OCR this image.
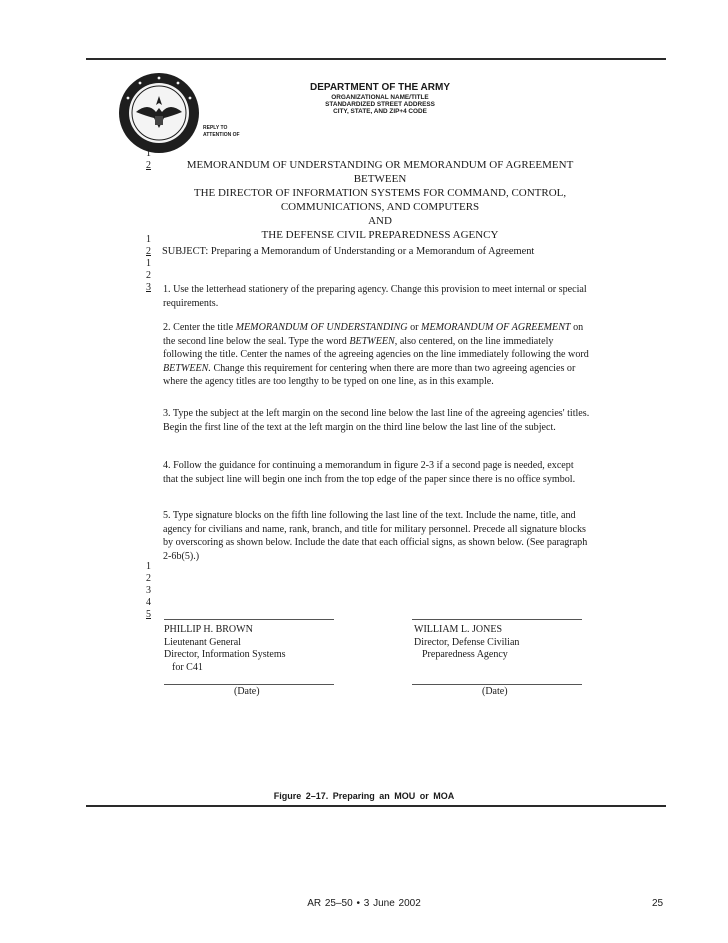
DEPARTMENT OF THE ARMY
ORGANIZATIONAL NAME/TITLE
STANDARDIZED STREET ADDRESS
CITY, STATE, AND ZIP+4 CODE
REPLY TO
ATTENTION OF
1
2	MEMORANDUM OF UNDERSTANDING OR MEMORANDUM OF AGREEMENT
BETWEEN
THE DIRECTOR OF INFORMATION SYSTEMS FOR COMMAND, CONTROL,
COMMUNICATIONS, AND COMPUTERS
AND
THE DEFENSE CIVIL PREPAREDNESS AGENCY
1
2
1
2
3
SUBJECT: Preparing a Memorandum of Understanding or a Memorandum of Agreement
1. Use the letterhead stationery of the preparing agency. Change this provision to meet internal or special requirements.
2. Center the title MEMORANDUM OF UNDERSTANDING or MEMORANDUM OF AGREEMENT on the second line below the seal. Type the word BETWEEN, also centered, on the line immediately following the title. Center the names of the agreeing agencies on the line immediately following the word BETWEEN. Change this requirement for centering when there are more than two agreeing agencies or where the agency titles are too lengthy to be typed on one line, as in this example.
3. Type the subject at the left margin on the second line below the last line of the agreeing agencies' titles. Begin the first line of the text at the left margin on the third line below the last line of the subject.
4. Follow the guidance for continuing a memorandum in figure 2-3 if a second page is needed, except that the subject line will begin one inch from the top edge of the paper since there is no office symbol.
5. Type signature blocks on the fifth line following the last line of the text. Include the name, title, and agency for civilians and name, rank, branch, and title for military personnel. Precede all signature blocks by overscoring as shown below. Include the date that each official signs, as shown below. (See paragraph 2-6b(5).)
1
2
3
4
5
PHILLIP H. BROWN
Lieutenant General
Director, Information Systems
for C41
WILLIAM L. JONES
Director, Defense Civilian
Preparedness Agency
(Date)	(Date)
Figure 2–17. Preparing an MOU or MOA
AR 25–50 • 3 June 2002	25
